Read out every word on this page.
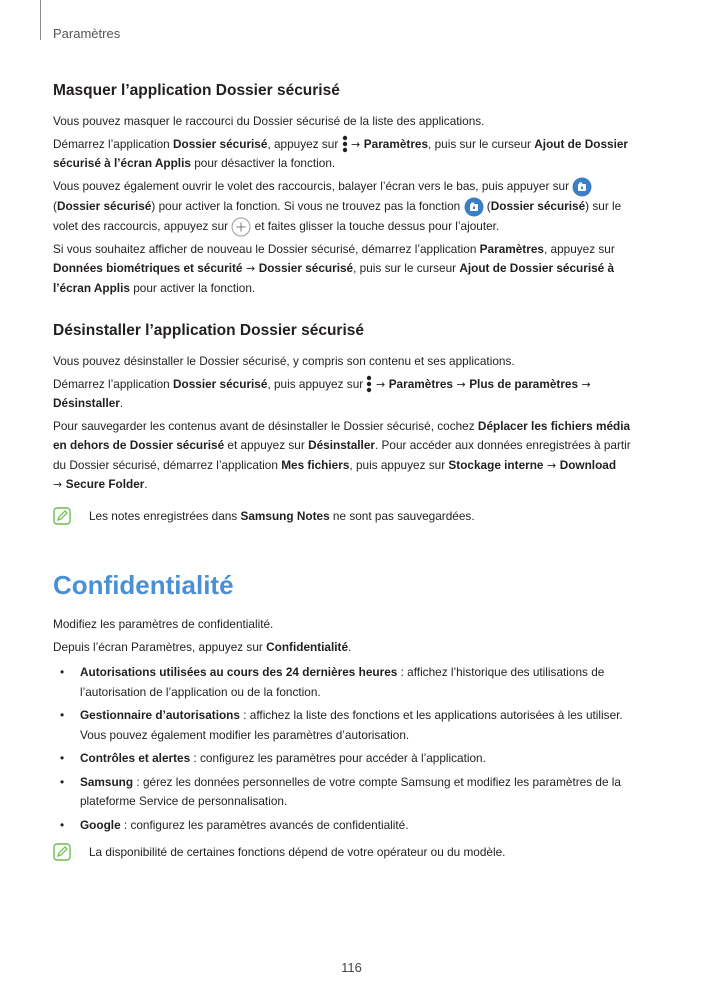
Paramètres
Masquer l’application Dossier sécurisé

Vous pouvez masquer le raccourci du Dossier sécurisé de la liste des applications.

Démarrez l’application Dossier sécurisé, appuyez sur  → Paramètres, puis sur le curseur Ajout de Dossier sécurisé à l’écran Applis pour désactiver la fonction.

Vous pouvez également ouvrir le volet des raccourcis, balayer l’écran vers le bas, puis appuyer sur
(Dossier sécurisé) pour activer la fonction. Si vous ne trouvez pas la fonction  (Dossier sécurisé) sur le volet des raccourcis, appuyez sur  et faites glisser la touche dessus pour l’ajouter.

Si vous souhaitez afficher de nouveau le Dossier sécurisé, démarrez l’application Paramètres, appuyez sur Données biométriques et sécurité → Dossier sécurisé, puis sur le curseur Ajout de Dossier sécurisé à l’écran Applis pour activer la fonction.

Désinstaller l’application Dossier sécurisé

Vous pouvez désinstaller le Dossier sécurisé, y compris son contenu et ses applications.

Démarrez l’application Dossier sécurisé, puis appuyez sur  → Paramètres → Plus de paramètres →
Désinstaller.

Pour sauvegarder les contenus avant de désinstaller le Dossier sécurisé, cochez Déplacer les fichiers média en dehors de Dossier sécurisé et appuyez sur Désinstaller. Pour accéder aux données enregistrées à partir du Dossier sécurisé, démarrez l’application Mes fichiers, puis appuyez sur Stockage interne → Download
→ Secure Folder.

Les notes enregistrées dans Samsung Notes ne sont pas sauvegardées.

Confidentialité

Modifiez les paramètres de confidentialité.

Depuis l’écran Paramètres, appuyez sur Confidentialité.

• Autorisations utilisées au cours des 24 dernières heures : affichez l’historique des utilisations de l’autorisation de l’application ou de la fonction.
• Gestionnaire d’autorisations : affichez la liste des fonctions et les applications autorisées à les utiliser. Vous pouvez également modifier les paramètres d’autorisation.
• Contrôles et alertes : configurez les paramètres pour accéder à l’application.
• Samsung : gérez les données personnelles de votre compte Samsung et modifiez les paramètres de la plateforme Service de personnalisation.
• Google : configurez les paramètres avancés de confidentialité.

La disponibilité de certaines fonctions dépend de votre opérateur ou du modèle.

116
